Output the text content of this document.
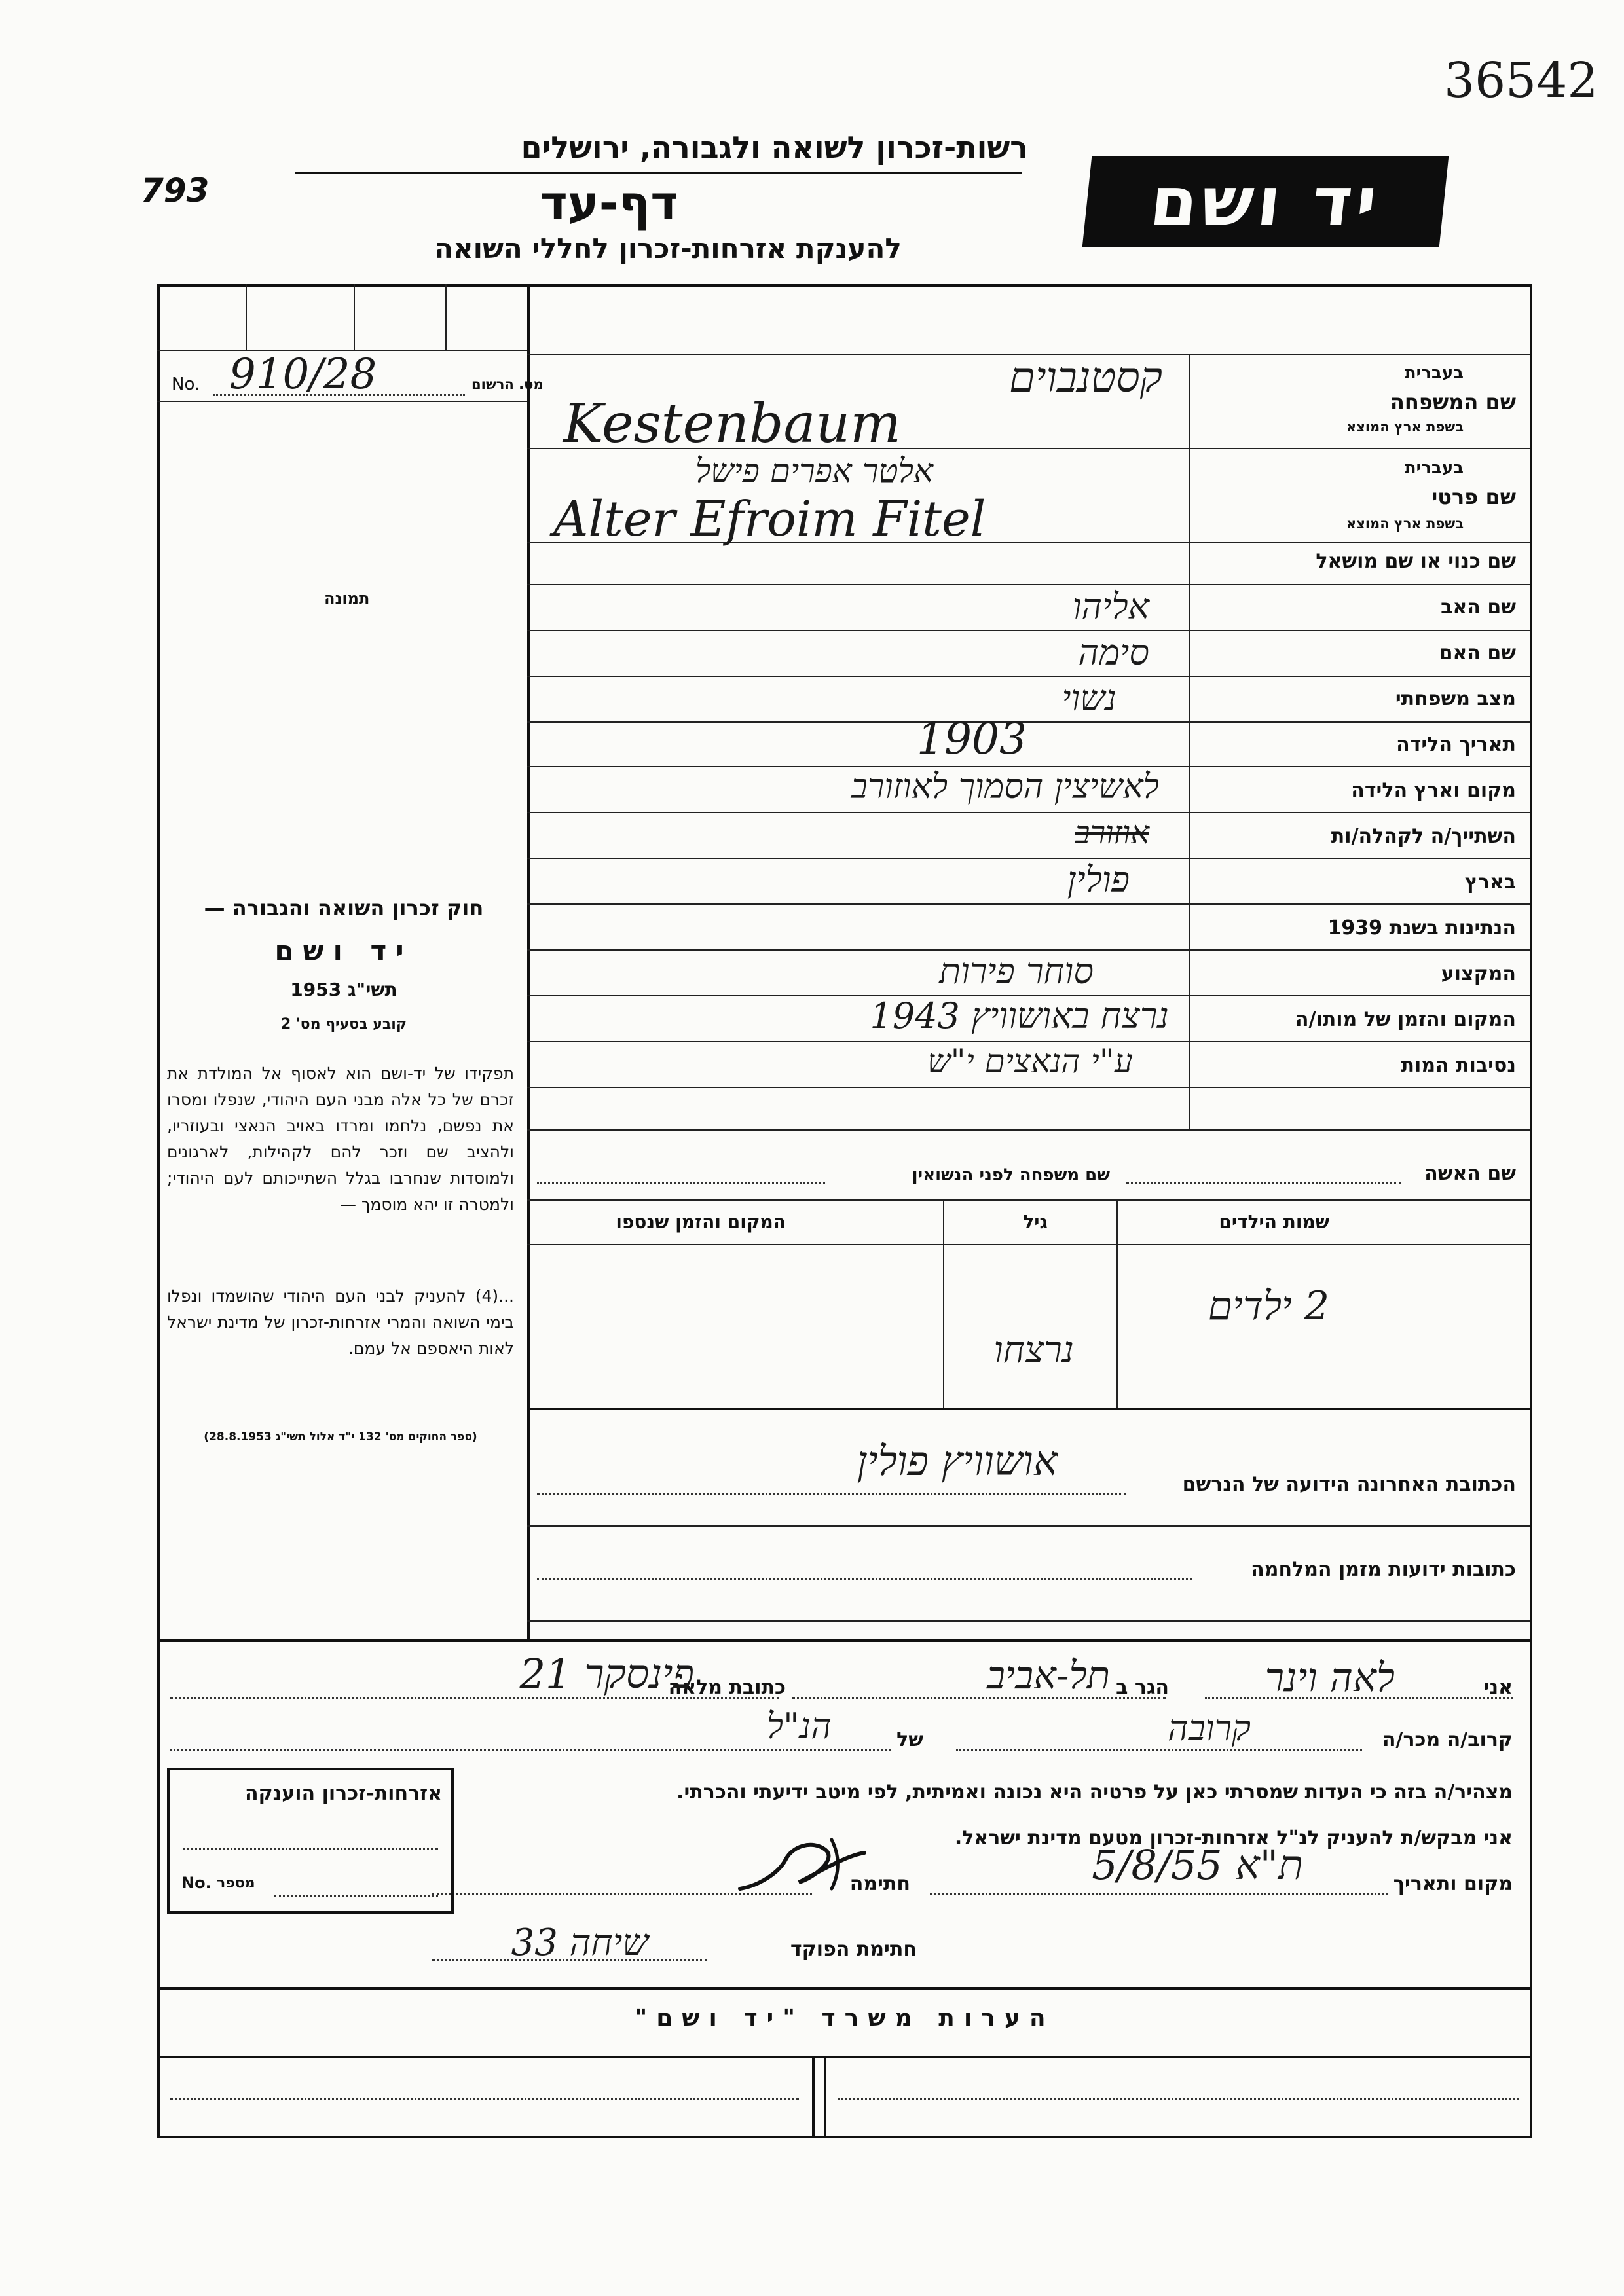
36542
793
רשות-זכרון לשואה ולגבורה, ירושלים
דף-עד
להענקת אזרחות-זכרון לחללי השואה
יד ושם
מס. הרשום
No. 910/28
תמונה
שם המשפחה
בעברית
בשפת ארץ המוצא
קסטנבוים
Kestenbaum
שם פרטי
בעברית
בשפת ארץ המוצא
אלטר אפרים פישל
Alter Efroim Fitel
שם כנוי או שם מושאל
שם האב
אליהו
שם האם
סימה
מצב משפחתי
נשוי
תאריך הלידה
1903
מקום וארץ הלידה
לאשיצין הסמוך לאוזורב
השתייך/ה לקהלה/ות
אוזורב
בארץ
פולין
הנתינות בשנת 1939
המקצוע
סוחר פירות
המקום והזמן של מותו/ה
נרצח באושוויץ 1943
נסיבות המות
ע"י הנאצים י"ש
שם האשה
שם משפחה לפני הנשואין
שמות הילדים
גיל
המקום והזמן שנספו
2 ילדים
נרצחו
הכתובת האחרונה הידועה של הנרשם
אושוויץ פולין
כתובות ידועות מזמן המלחמה
חוק זכרון השואה והגבורה —
יד ושם
תשי"ג 1953
קובע בסעיף מס' 2
תפקידו של יד-ושם הוא לאסוף אל המולדת את זכרם של כל אלה מבני העם היהודי, שנפלו ומסרו את נפשם, נלחמו ומרדו באויב הנאצי ובעוזריו, ולהציב שם וזכר להם לקהילות, לארגונים ולמוסדות שנחרבו בגלל השתייכותם לעם היהודי; ולמטרה זו יהא מוסמך —
...(4) להעניק לבני העם היהודי שהושמדו ונפלו בימי השואה והמרי אזרחות-זכרון של מדינת ישראל לאות היאספם אל עמם.
(ספר החוקים מס' 132 י"ד אלול תשי"ג 28.8.1953)
אני
לאה וינר
הגר ב
תל-אביב
כתובת מלאה
פינסקר 21
קרוב/ה מכר/ה
קרובה
של
הנ"ל
מצהיר/ה בזה כי העדות שמסרתי כאן על פרטיה היא נכונה ואמיתית, לפי מיטב ידיעתי והכרתי.
אני מבקש/ת להעניק לנ"ל אזרחות-זכרון מטעם מדינת ישראל.
מקום ותאריך
ת"א 5/8/55
חתימה
חתימת הפוקד
שיחה 33
אזרחות-זכרון הוענקה
מספר
No.
הערות משרד "יד ושם"
